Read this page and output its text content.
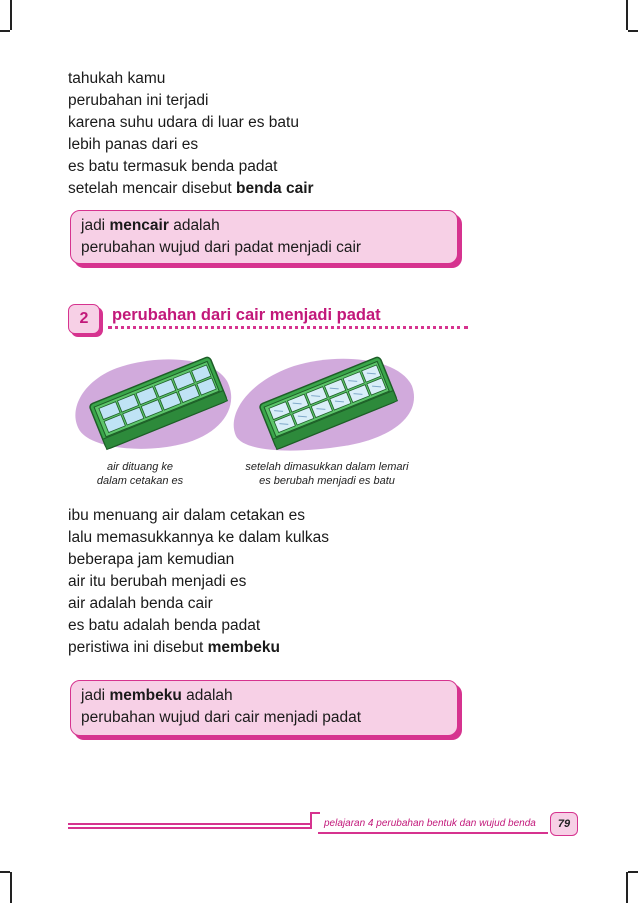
tahukah kamu
perubahan ini terjadi
karena suhu udara di luar es batu
lebih panas dari es
es batu termasuk benda padat
setelah mencair disebut benda cair
jadi mencair adalah
perubahan wujud dari padat menjadi cair
2	perubahan dari cair menjadi padat
air dituang ke
dalam cetakan es
setelah dimasukkan dalam lemari
es berubah menjadi es batu
ibu menuang air dalam cetakan es
lalu memasukkannya ke dalam kulkas
beberapa jam kemudian
air itu berubah menjadi es
air adalah benda cair
es batu adalah benda padat
peristiwa ini disebut membeku
jadi membeku adalah
perubahan wujud dari cair menjadi padat
pelajaran 4 perubahan bentuk dan wujud benda	79
